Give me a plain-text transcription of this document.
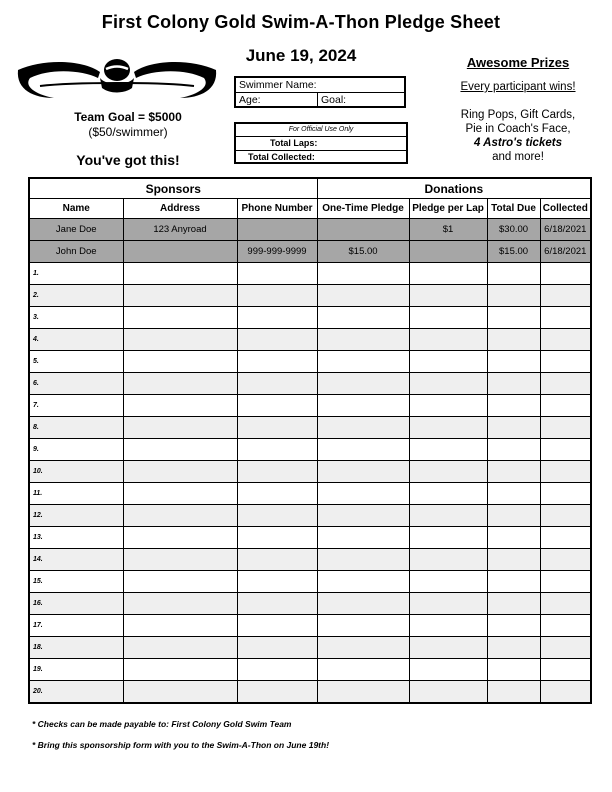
First Colony Gold Swim-A-Thon Pledge Sheet
June 19, 2024
Team Goal = $5000
($50/swimmer)
You've got this!
Swimmer Name:
Age:	Goal:
For Official Use Only
Total Laps:
Total Collected:
Awesome Prizes
Every participant wins!
Ring Pops, Gift Cards,
Pie in Coach's Face,
4 Astro's tickets
and more!
Sponsors			Donations			
Name	Address	Phone Number	One-Time Pledge	Pledge per Lap	Total Due	Collected
Jane Doe	123 Anyroad			$1	$30.00	6/18/2021
John Doe		999-999-9999	$15.00		$15.00	6/18/2021
1.						
2.						
3.						
4.						
5.						
6.						
7.						
8.						
9.						
10.						
11.						
12.						
13.						
14.						
15.						
16.						
17.						
18.						
19.						
20.						
* Checks can be made payable to: First Colony Gold Swim Team
* Bring this sponsorship form with you to the Swim-A-Thon on June 19th!
